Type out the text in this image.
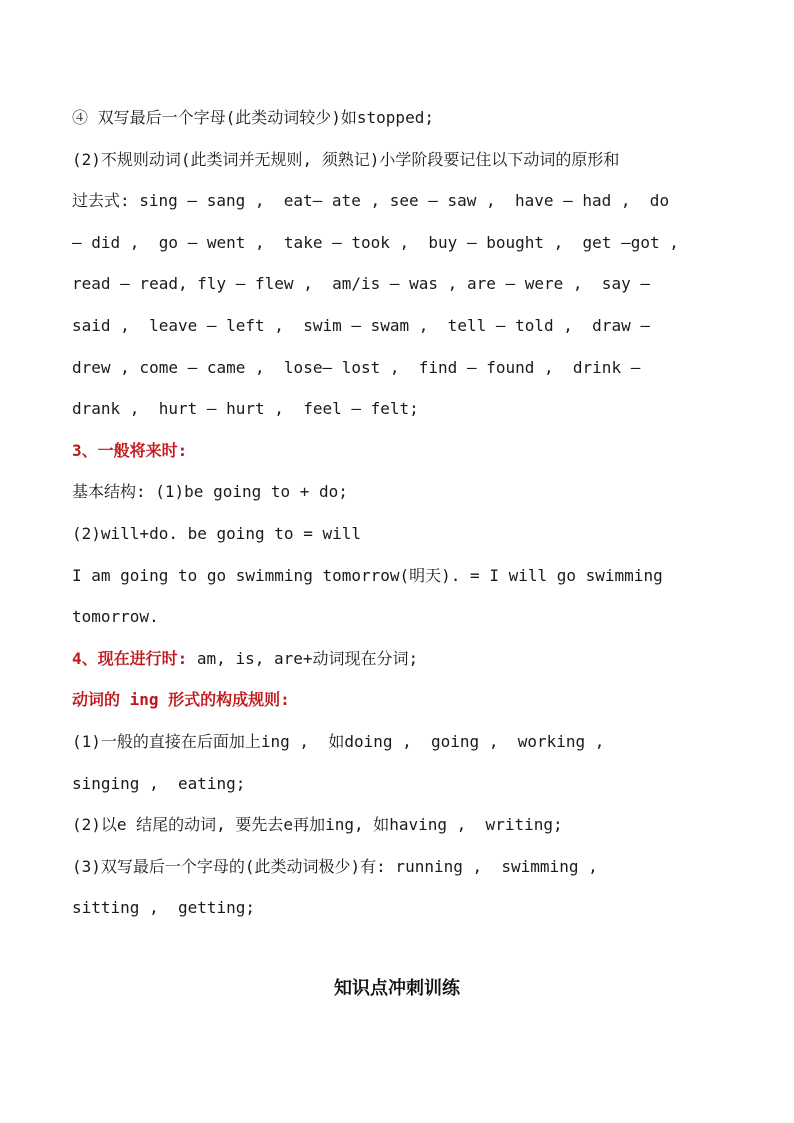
④ 双写最后一个字母(此类动词较少)如stopped;
(2)不规则动词(此类词并无规则, 须熟记)小学阶段要记住以下动词的原形和
过去式: sing – sang ,  eat– ate , see – saw ,  have – had ,  do
– did ,  go – went ,  take – took ,  buy – bought ,  get –got ,
read – read, fly – flew ,  am/is – was , are – were ,  say –
said ,  leave – left ,  swim – swam ,  tell – told ,  draw –
drew , come – came ,  lose– lost ,  find – found ,  drink –
drank ,  hurt – hurt ,  feel – felt;
3、一般将来时:
基本结构: (1)be going to + do;
(2)will+do. be going to = will
I am going to go swimming tomorrow(明天). = I will go swimming
tomorrow.
4、现在进行时: am, is, are+动词现在分词;
动词的 ing 形式的构成规则:
(1)一般的直接在后面加上ing ,  如doing ,  going ,  working ,
singing ,  eating;
(2)以e 结尾的动词, 要先去e再加ing, 如having ,  writing;
(3)双写最后一个字母的(此类动词极少)有: running ,  swimming ,
sitting ,  getting;
知识点冲刺训练
